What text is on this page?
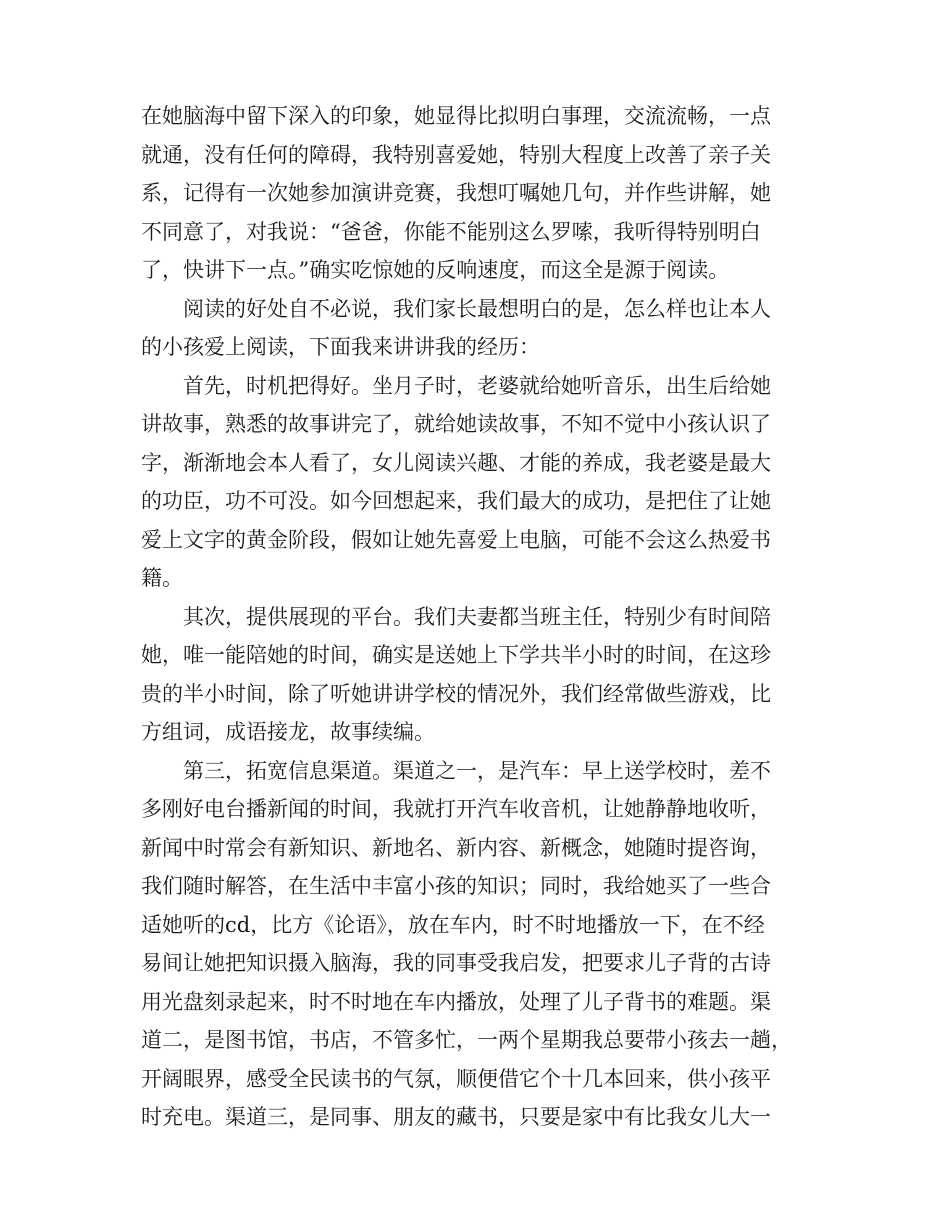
在她脑海中留下深入的印象，她显得比拟明白事理，交流流畅，一点
就通，没有任何的障碍，我特别喜爱她，特别大程度上改善了亲子关
系，记得有一次她参加演讲竞赛，我想叮嘱她几句，并作些讲解，她
不同意了，对我说：“爸爸，你能不能别这么罗嗦，我听得特别明白
了，快讲下一点。”确实吃惊她的反响速度，而这全是源于阅读。
阅读的好处自不必说，我们家长最想明白的是，怎么样也让本人
的小孩爱上阅读，下面我来讲讲我的经历：
首先，时机把得好。坐月子时，老婆就给她听音乐，出生后给她
讲故事，熟悉的故事讲完了，就给她读故事，不知不觉中小孩认识了
字，渐渐地会本人看了，女儿阅读兴趣、才能的养成，我老婆是最大
的功臣，功不可没。如今回想起来，我们最大的成功，是把住了让她
爱上文字的黄金阶段，假如让她先喜爱上电脑，可能不会这么热爱书
籍。
其次，提供展现的平台。我们夫妻都当班主任，特别少有时间陪
她，唯一能陪她的时间，确实是送她上下学共半小时的时间，在这珍
贵的半小时间，除了听她讲讲学校的情况外，我们经常做些游戏，比
方组词，成语接龙，故事续编。
第三，拓宽信息渠道。渠道之一，是汽车：早上送学校时，差不
多刚好电台播新闻的时间，我就打开汽车收音机，让她静静地收听，
新闻中时常会有新知识、新地名、新内容、新概念，她随时提咨询，
我们随时解答，在生活中丰富小孩的知识；同时，我给她买了一些合
适她听的cd，比方《论语》，放在车内，时不时地播放一下，在不经
易间让她把知识摄入脑海，我的同事受我启发，把要求儿子背的古诗
用光盘刻录起来，时不时地在车内播放，处理了儿子背书的难题。渠
道二，是图书馆，书店，不管多忙，一两个星期我总要带小孩去一趟，
开阔眼界，感受全民读书的气氛，顺便借它个十几本回来，供小孩平
时充电。渠道三，是同事、朋友的藏书，只要是家中有比我女儿大一
